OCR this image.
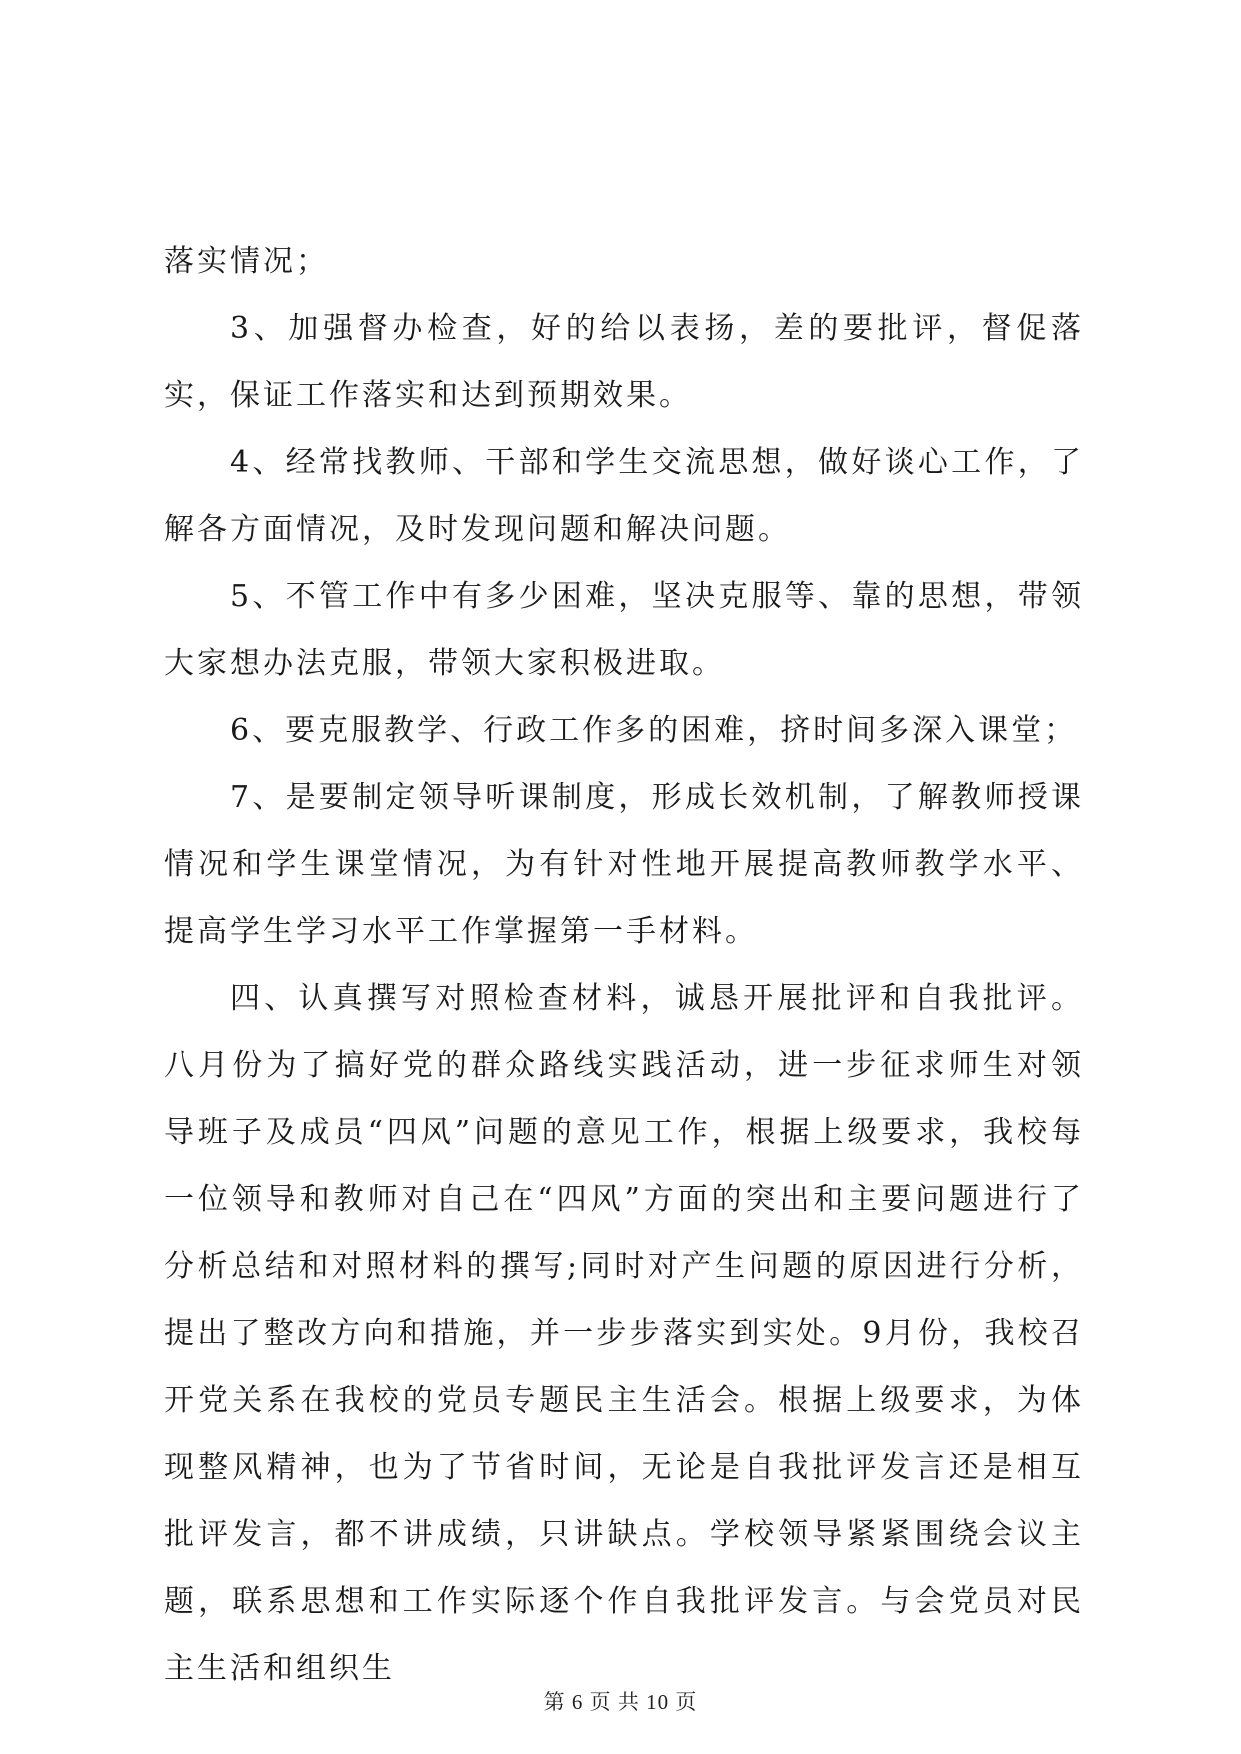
落实情况；

3、加强督办检查，好的给以表扬，差的要批评，督促落实，保证工作落实和达到预期效果。

4、经常找教师、干部和学生交流思想，做好谈心工作，了解各方面情况，及时发现问题和解决问题。

5、不管工作中有多少困难，坚决克服等、靠的思想，带领大家想办法克服，带领大家积极进取。

6、要克服教学、行政工作多的困难，挤时间多深入课堂；

7、是要制定领导听课制度，形成长效机制，了解教师授课情况和学生课堂情况，为有针对性地开展提高教师教学水平、提高学生学习水平工作掌握第一手材料。

四、认真撰写对照检查材料，诚恳开展批评和自我批评。八月份为了搞好党的群众路线实践活动，进一步征求师生对领导班子及成员“四风”问题的意见工作，根据上级要求，我校每一位领导和教师对自己在“四风”方面的突出和主要问题进行了分析总结和对照材料的撰写;同时对产生问题的原因进行分析，提出了整改方向和措施，并一步步落实到实处。9月份，我校召开党关系在我校的党员专题民主生活会。根据上级要求，为体现整风精神，也为了节省时间，无论是自我批评发言还是相互批评发言，都不讲成绩，只讲缺点。学校领导紧紧围绕会议主题，联系思想和工作实际逐个作自我批评发言。与会党员对民主生活和组织生

第 6 页 共 10 页
